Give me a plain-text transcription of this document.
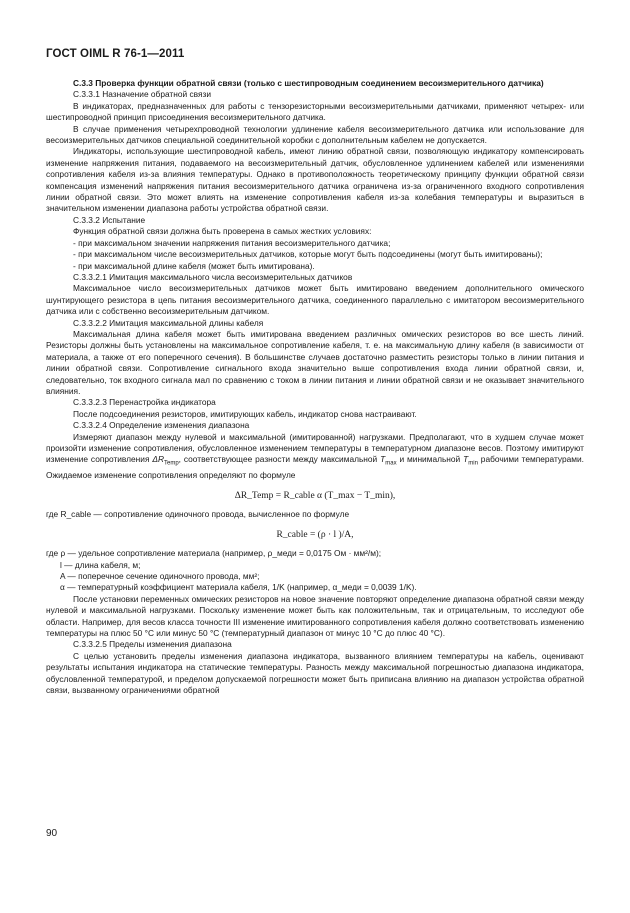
ГОСТ OIML R 76-1—2011

С.3.3 Проверка функции обратной связи (только с шестипроводным соединением весоизмерительного датчика)

С.3.3.1 Назначение обратной связи

В индикаторах, предназначенных для работы с тензорезисторными весоизмерительными датчиками, применяют четырех- или шестипроводной принцип присоединения весоизмерительного датчика.

В случае применения четырехпроводной технологии удлинение кабеля весоизмерительного датчика или использование для весоизмерительных датчиков специальной соединительной коробки с дополнительным кабелем не допускается.

Индикаторы, использующие шестипроводной кабель, имеют линию обратной связи, позволяющую индикатору компенсировать изменение напряжения питания, подаваемого на весоизмерительный датчик, обусловленное удлинением кабелей или изменениями сопротивления кабеля из-за влияния температуры. Однако в противоположность теоретическому принципу функции обратной связи компенсация изменений напряжения питания весоизмерительного датчика ограничена из-за ограниченного входного сопротивления линии обратной связи. Это может влиять на изменение сопротивления кабеля из-за колебания температуры и выразиться в значительном изменении диапазона работы устройства обратной связи.

С.3.3.2 Испытание

Функция обратной связи должна быть проверена в самых жестких условиях:

- при максимальном значении напряжения питания весоизмерительного датчика;

- при максимальном числе весоизмерительных датчиков, которые могут быть подсоединены (могут быть имитированы);

- при максимальной длине кабеля (может быть имитирована).

С.3.3.2.1 Имитация максимального числа весоизмерительных датчиков

Максимальное число весоизмерительных датчиков может быть имитировано введением дополнительного омического шунтирующего резистора в цепь питания весоизмерительного датчика, соединенного параллельно с имитатором весоизмерительного датчика или с собственно весоизмерительным датчиком.

С.3.3.2.2 Имитация максимальной длины кабеля

Максимальная длина кабеля может быть имитирована введением различных омических резисторов во все шесть линий. Резисторы должны быть установлены на максимальное сопротивление кабеля, т. е. на максимальную длину кабеля (в зависимости от материала, а также от его поперечного сечения). В большинстве случаев достаточно разместить резисторы только в линии питания и линии обратной связи. Сопротивление сигнального входа значительно выше сопротивления входа линии обратной связи, и, следовательно, ток входного сигнала мал по сравнению с током в линии питания и линии обратной связи и не оказывает значительного влияния.

С.3.3.2.3 Перенастройка индикатора

После подсоединения резисторов, имитирующих кабель, индикатор снова настраивают.

С.3.3.2.4 Определение изменения диапазона

Измеряют диапазон между нулевой и максимальной (имитированной) нагрузками. Предполагают, что в худшем случае может произойти изменение сопротивления, обусловленное изменением температуры в температурном диапазоне весов. Поэтому имитируют изменение сопротивления $\Delta R_{Temp}$, соответствующее разности между максимальной $T_{max}$ и минимальной $T_{min}$ рабочими температурами. Ожидаемое изменение сопротивления определяют по формуле

ΔR_Temp = R_cable α (T_max − T_min),

где R_cable — сопротивление одиночного провода, вычисленное по формуле

R_cable = (ρ · l )/A,

где ρ — удельное сопротивление материала (например, ρ_меди = 0,0175 Ом · мм²/м);

l — длина кабеля, м;

A — поперечное сечение одиночного провода, мм²;

α — температурный коэффициент материала кабеля, 1/K (например, α_меди = 0,0039 1/K).

После установки переменных омических резисторов на новое значение повторяют определение диапазона обратной связи между нулевой и максимальной нагрузками. Поскольку изменение может быть как положительным, так и отрицательным, то исследуют обе области. Например, для весов класса точности III изменение имитированного сопротивления кабеля должно соответствовать изменению температуры на плюс 50 °С или минус 50 °С (температурный диапазон от минус 10 °С до плюс 40 °С).

С.3.3.2.5 Пределы изменения диапазона

С целью установить пределы изменения диапазона индикатора, вызванного влиянием температуры на кабель, оценивают результаты испытания индикатора на статические температуры. Разность между максимальной погрешностью диапазона индикатора, обусловленной температурой, и пределом допускаемой погрешности может быть приписана влиянию на диапазон устройства обратной связи, вызванному ограничениями обратной

90
